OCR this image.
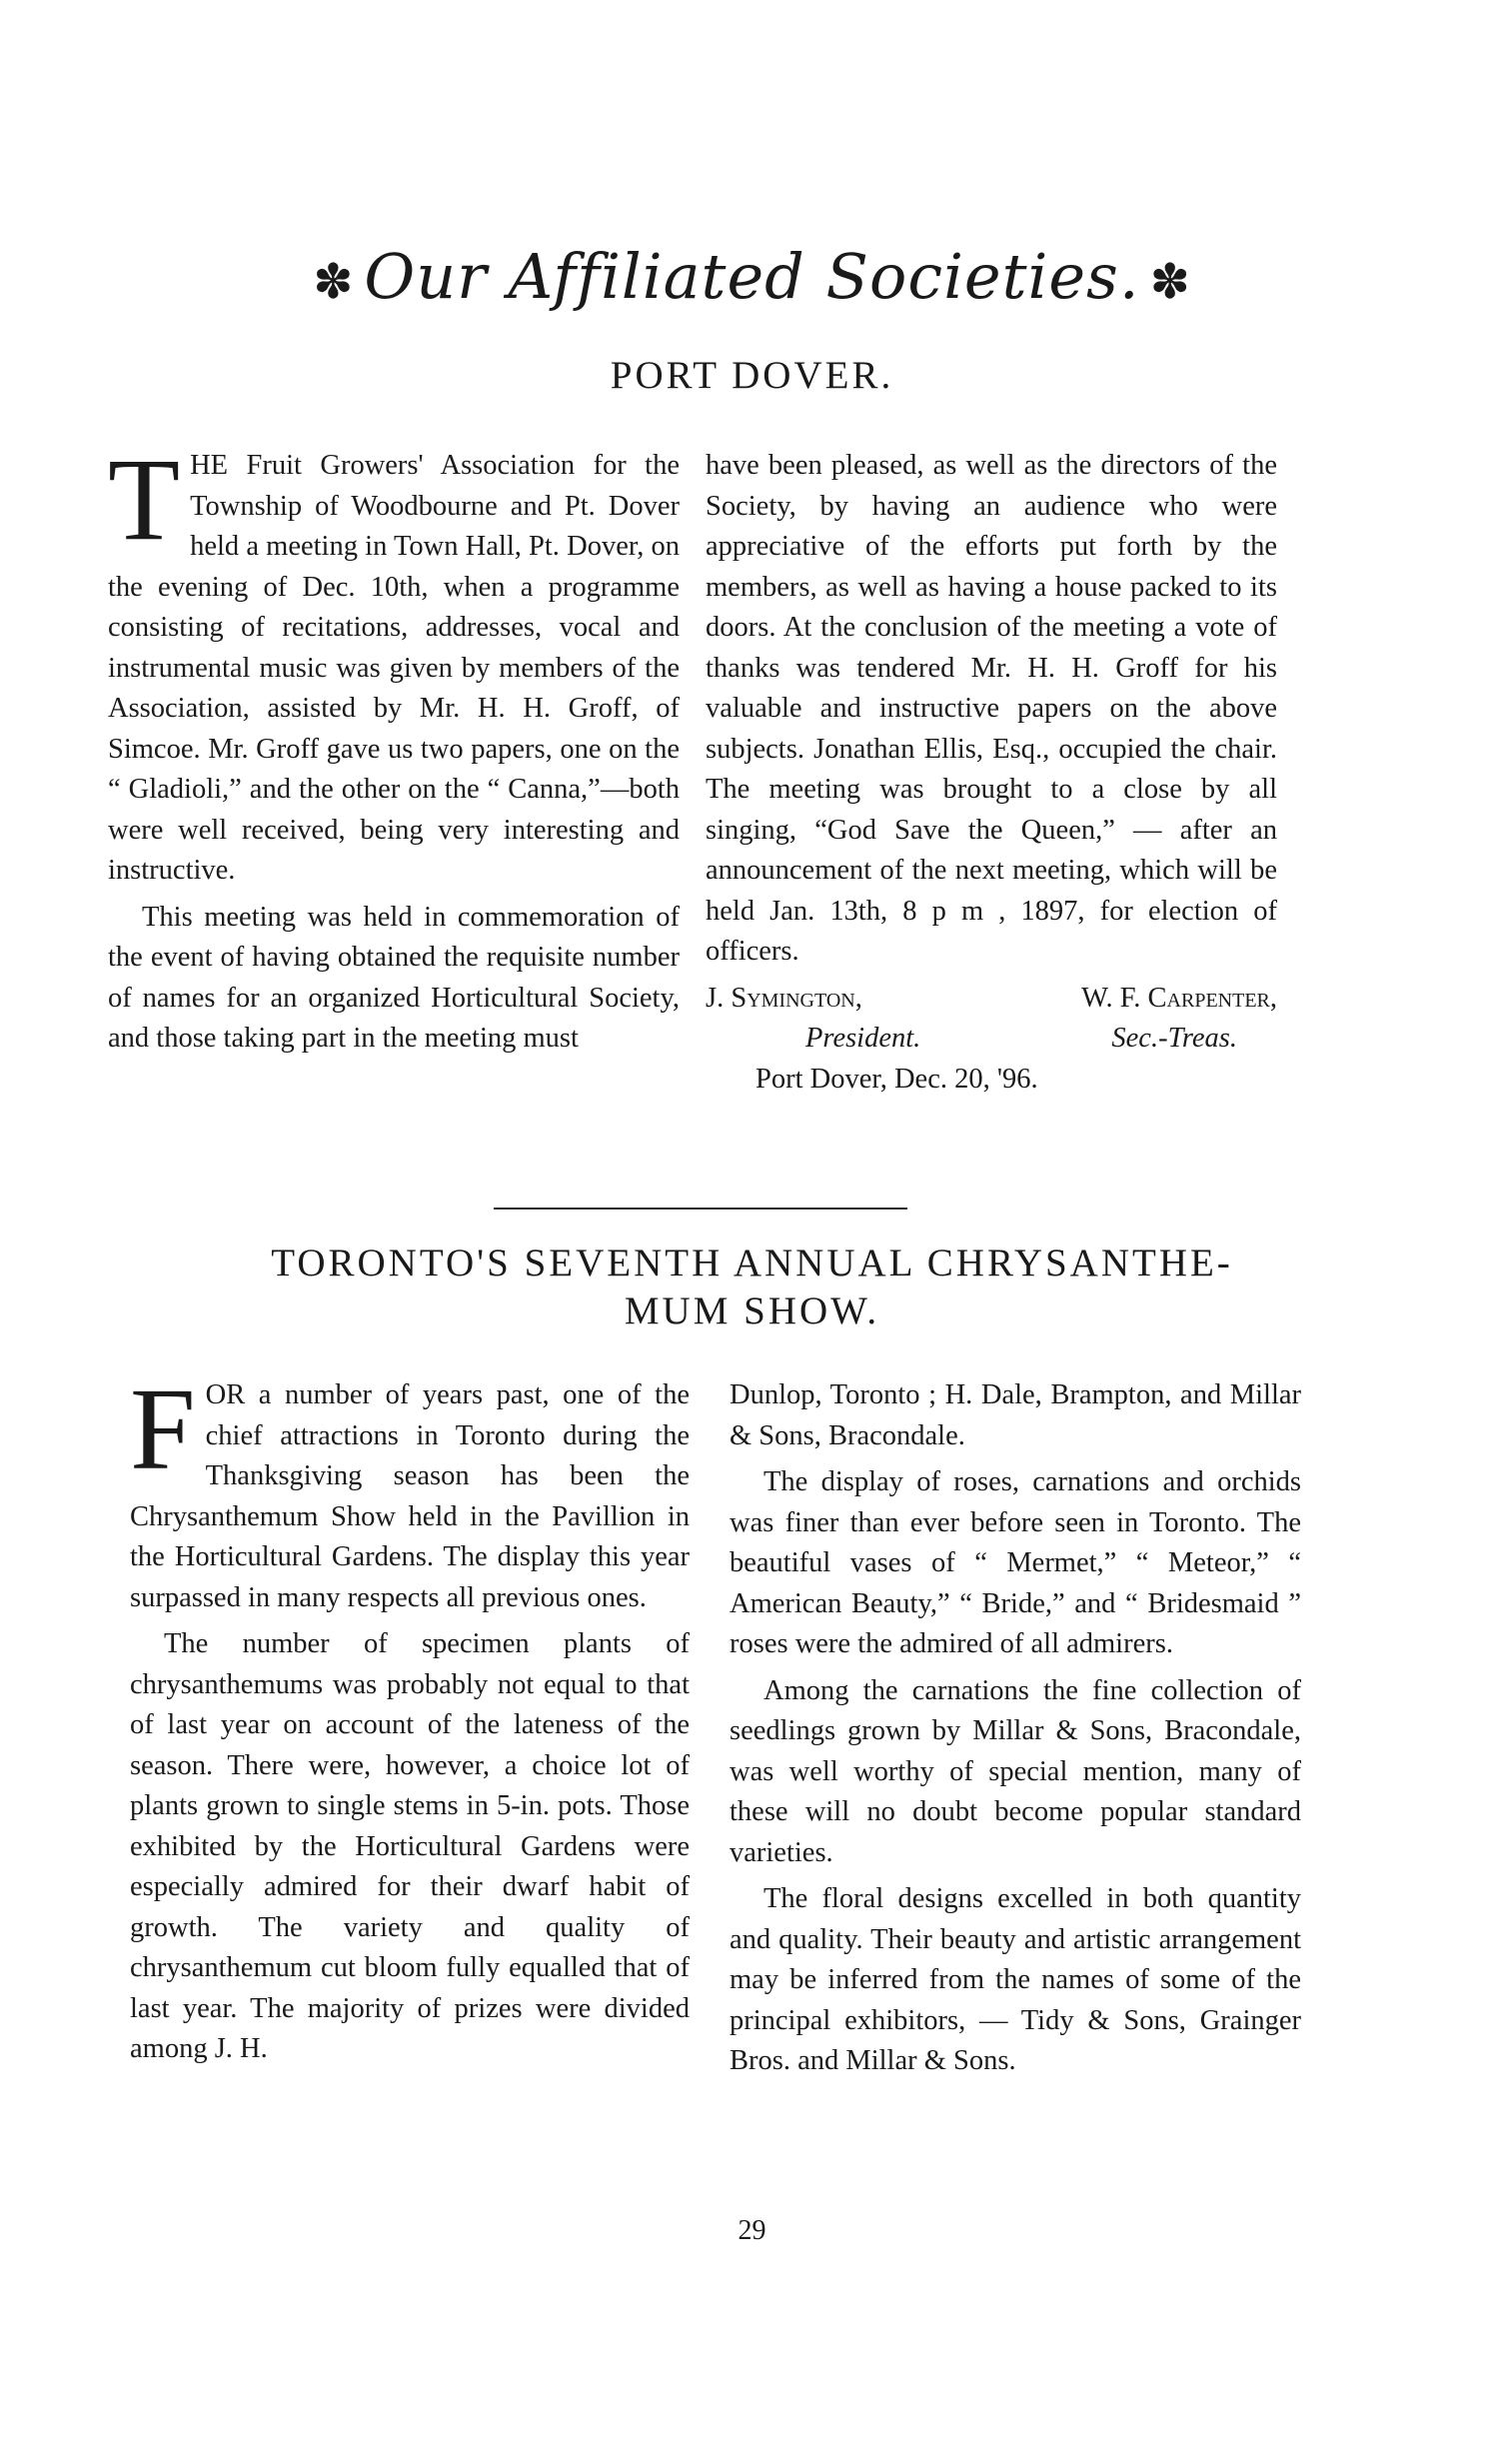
✽ Our Affiliated Societies. ✽
PORT DOVER.

THE Fruit Growers' Association for the Township of Woodbourne and Pt. Dover held a meeting in Town Hall, Pt. Dover, on the evening of Dec. 10th, when a programme consisting of recitations, addresses, vocal and instrumental music was given by members of the Association, assisted by Mr. H. H. Groff, of Simcoe. Mr. Groff gave us two papers, one on the “ Gladioli,” and the other on the “ Canna,”—both were well received, being very interesting and instructive.

This meeting was held in commemoration of the event of having obtained the requisite number of names for an organized Horticultural Society, and those taking part in the meeting must

have been pleased, as well as the directors of the Society, by having an audience who were appreciative of the efforts put forth by the members, as well as having a house packed to its doors. At the conclusion of the meeting a vote of thanks was tendered Mr. H. H. Groff for his valuable and instructive papers on the above subjects. Jonathan Ellis, Esq., occupied the chair. The meeting was brought to a close by all singing, “God Save the Queen,” — after an announcement of the next meeting, which will be held Jan. 13th, 8 p m , 1897, for election of officers.

J. Symington,	W. F. Carpenter,
President.	Sec.-Treas.
Port Dover, Dec. 20, '96.
TORONTO'S SEVENTH ANNUAL CHRYSANTHE-
MUM SHOW.

FOR a number of years past, one of the chief attractions in Toronto during the Thanksgiving season has been the Chrysanthemum Show held in the Pavillion in the Horticultural Gardens. The display this year surpassed in many respects all previous ones.

The number of specimen plants of chrysanthemums was probably not equal to that of last year on account of the lateness of the season. There were, however, a choice lot of plants grown to single stems in 5-in. pots. Those exhibited by the Horticultural Gardens were especially admired for their dwarf habit of growth. The variety and quality of chrysanthemum cut bloom fully equalled that of last year. The majority of prizes were divided among J. H.

Dunlop, Toronto ; H. Dale, Brampton, and Millar & Sons, Bracondale.

The display of roses, carnations and orchids was finer than ever before seen in Toronto. The beautiful vases of “ Mermet,” “ Meteor,” “ American Beauty,” “ Bride,” and “ Bridesmaid ” roses were the admired of all admirers.

Among the carnations the fine collection of seedlings grown by Millar & Sons, Bracondale, was well worthy of special mention, many of these will no doubt become popular standard varieties.

The floral designs excelled in both quantity and quality. Their beauty and artistic arrangement may be inferred from the names of some of the principal exhibitors, — Tidy & Sons, Grainger Bros. and Millar & Sons.

29
